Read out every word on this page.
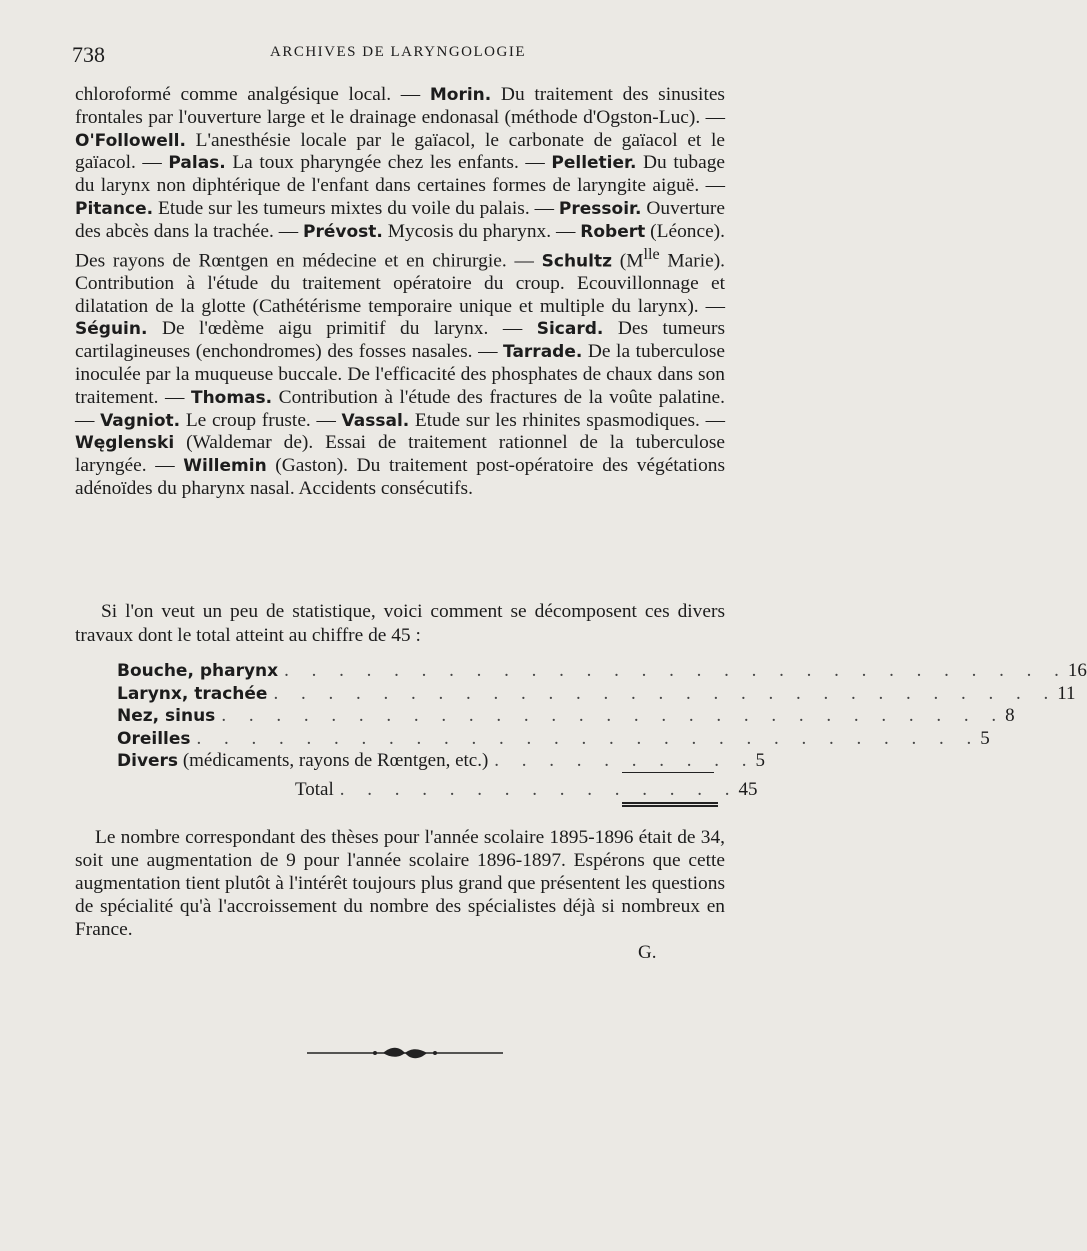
738	ARCHIVES DE LARYNGOLOGIE

chloroformé comme analgésique local. — Morin. Du traitement des sinusites frontales par l'ouverture large et le drainage endonasal (méthode d'Ogston-Luc). — O'Followell. L'anesthésie locale par le gaïacol, le carbonate de gaïacol et le gaïacol. — Palas. La toux pharyngée chez les enfants. — Pelletier. Du tubage du larynx non diphtérique de l'enfant dans certaines formes de laryngite aiguë. — Pitance. Etude sur les tumeurs mixtes du voile du palais. — Pressoir. Ouverture des abcès dans la trachée. — Prévost. Mycosis du pharynx. — Robert (Léonce). Des rayons de Rœntgen en médecine et en chirurgie. — Schultz ($M^{lle}$ Marie). Contribution à l'étude du traitement opératoire du croup. Ecouvillonnage et dilatation de la glotte (Cathétérisme temporaire unique et multiple du larynx). — Séguin. De l'œdème aigu primitif du larynx. — Sicard. Des tumeurs cartilagineuses (enchondromes) des fosses nasales. — Tarrade. De la tuberculose inoculée par la muqueuse buccale. De l'efficacité des phosphates de chaux dans son traitement. — Thomas. Contribution à l'étude des fractures de la voûte palatine. — Vagniot. Le croup fruste. — Vassal. Etude sur les rhinites spasmodiques. — Węglenski (Waldemar de). Essai de traitement rationnel de la tuberculose laryngée. — Willemin (Gaston). Du traitement post-opératoire des végétations adénoïdes du pharynx nasal. Accidents consécutifs.

Si l'on veut un peu de statistique, voici comment se décomposent ces divers travaux dont le total atteint au chiffre de 45 :

Bouche, pharynx . . . . . . . . . . . . . . . . . . . . . . . . . . . . . 16
Larynx, trachée . . . . . . . . . . . . . . . . . . . . . . . . . . . . . 11
Nez, sinus . . . . . . . . . . . . . . . . . . . . . . . . . . . . . 8
Oreilles . . . . . . . . . . . . . . . . . . . . . . . . . . . . . 5
Divers (médicaments, rayons de Rœntgen, etc.) . . . . . . . . . . 5
Total . . . . . . . . . . . . . . . 45

Le nombre correspondant des thèses pour l'année scolaire 1895-1896 était de 34, soit une augmentation de 9 pour l'année scolaire 1896-1897. Espérons que cette augmentation tient plutôt à l'intérêt toujours plus grand que présentent les questions de spécialité qu'à l'accroissement du nombre des spécialistes déjà si nombreux en France.

G.
